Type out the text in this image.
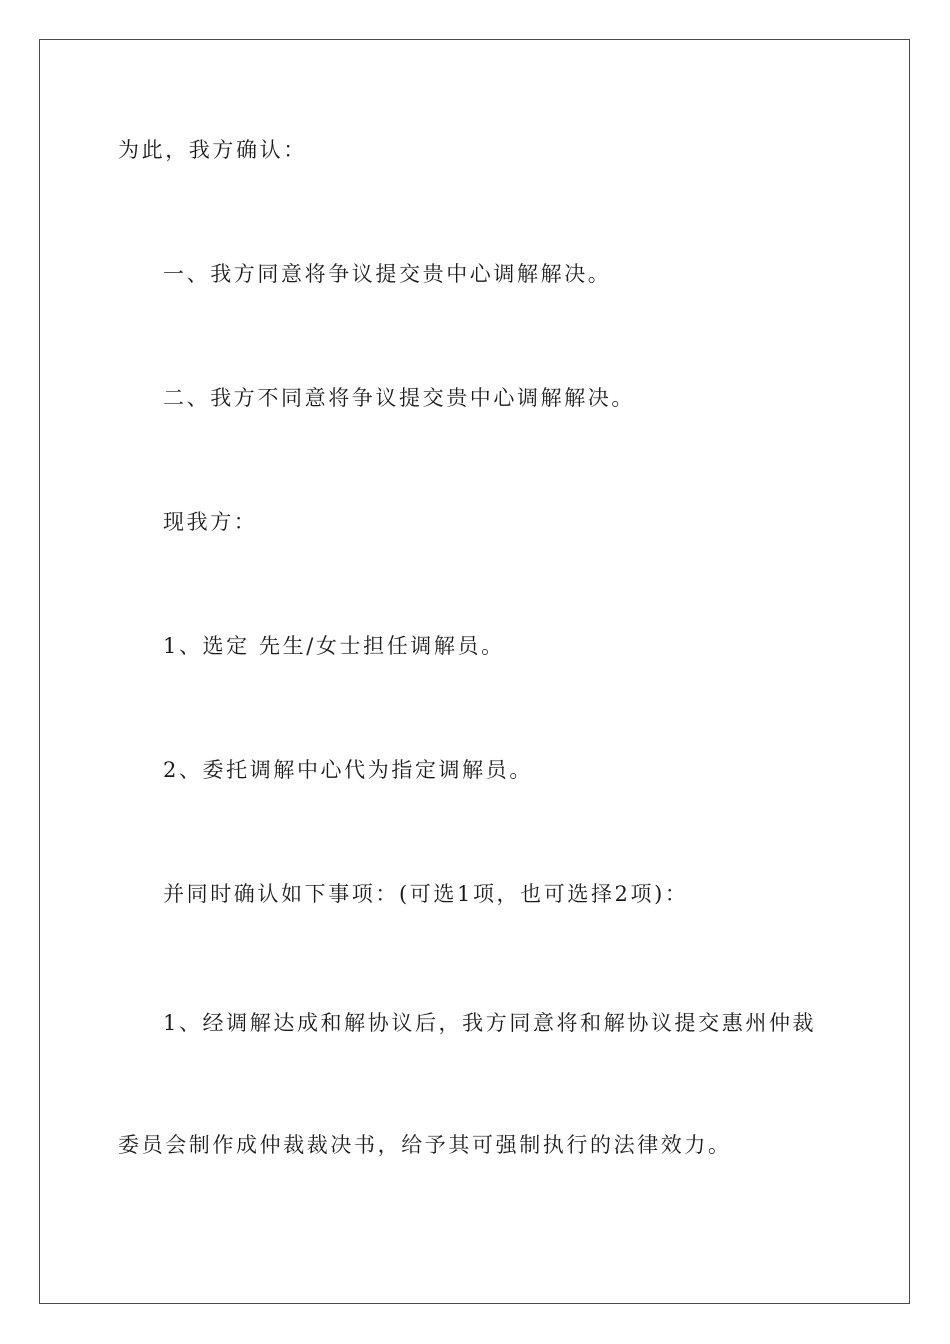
为此，我方确认：
一、我方同意将争议提交贵中心调解解决。
二、我方不同意将争议提交贵中心调解解决。
现我方：
1、选定 先生/女士担任调解员。
2、委托调解中心代为指定调解员。
并同时确认如下事项：(可选1项，也可选择2项)：
1、经调解达成和解协议后，我方同意将和解协议提交惠州仲裁
委员会制作成仲裁裁决书，给予其可强制执行的法律效力。
